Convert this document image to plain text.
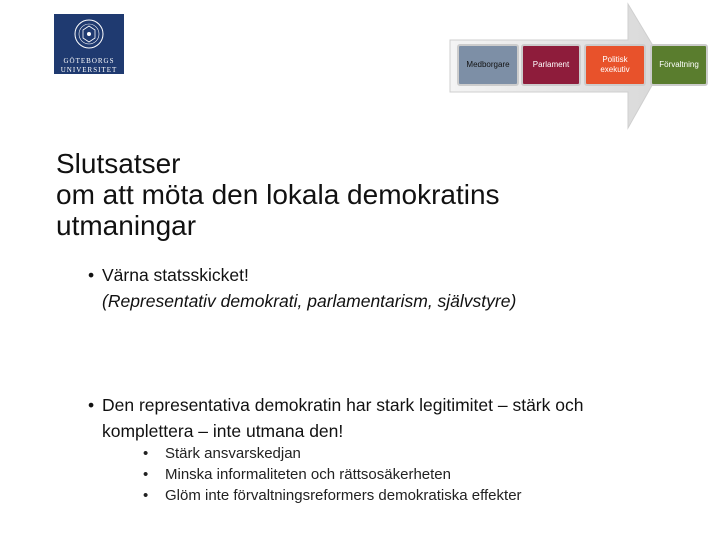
GÖTEBORGS
UNIVERSITET
Medborgare	Parlament
Politisk
exekutiv
Förvaltning
Slutsatser
om att möta den lokala demokratins
utmaningar
• Värna statsskicket!
(Representativ demokrati, parlamentarism, självstyre)
• Den representativa demokratin har stark legitimitet – stärk och
komplettera – inte utmana den!
• Stärk ansvarskedjan
• Minska informaliteten och rättsosäkerheten
• Glöm inte förvaltningsreformers demokratiska effekter
